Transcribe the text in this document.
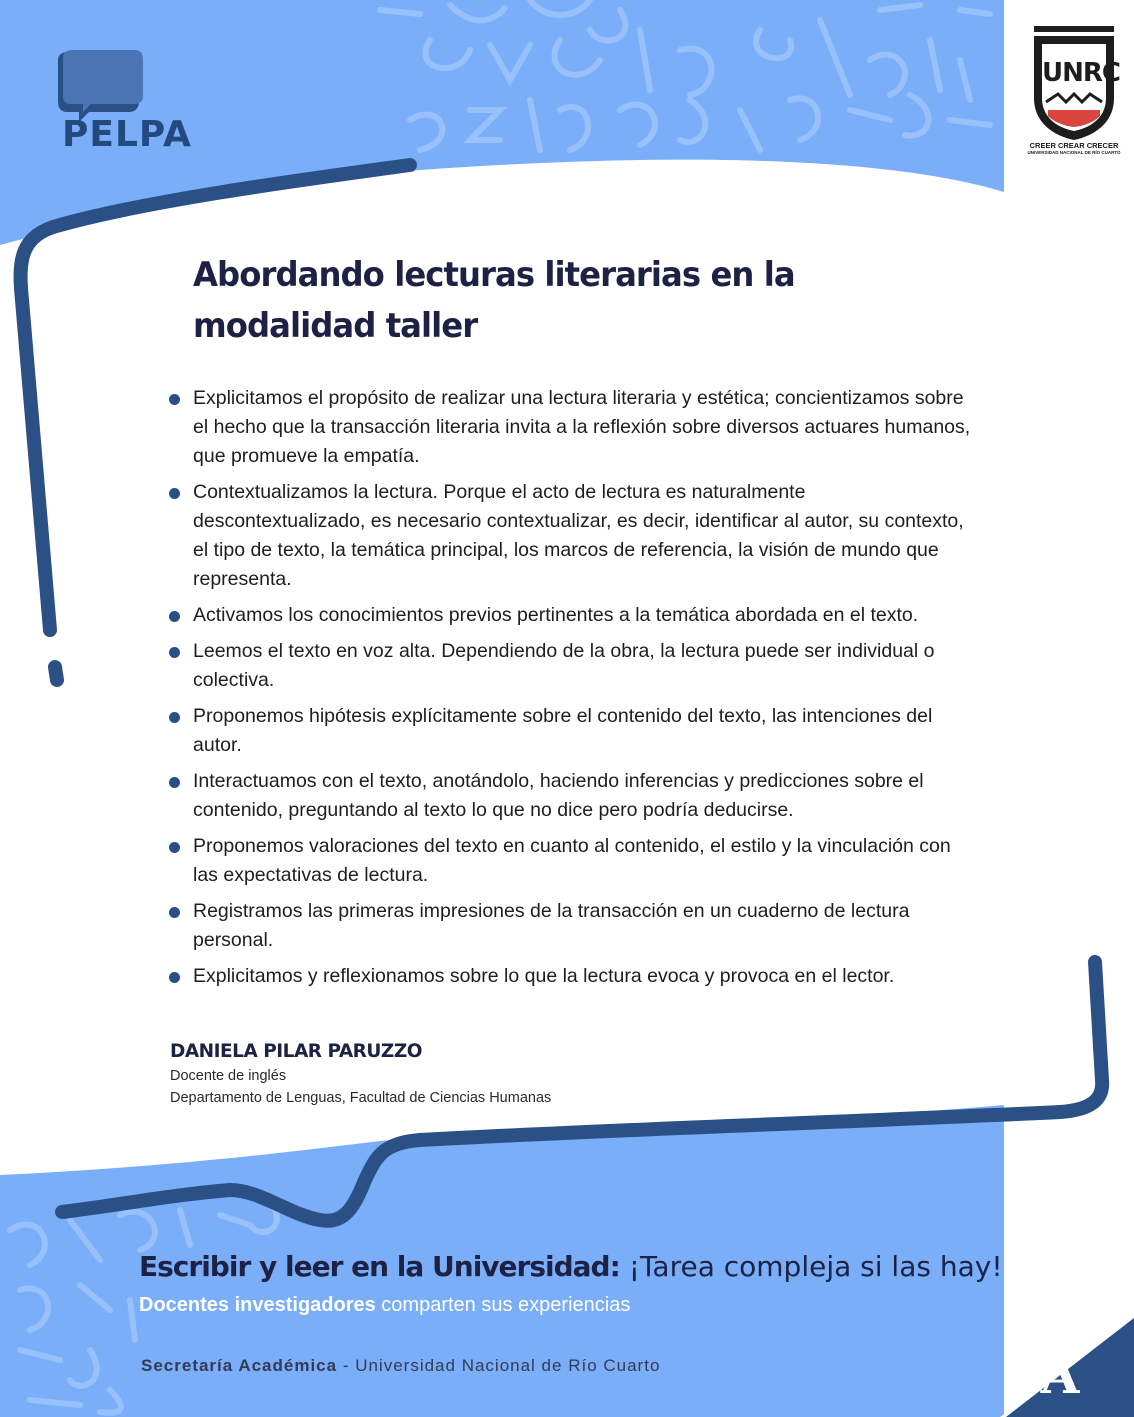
PELPA
UNRC
CREER CREAR CRECER
UNIVERSIDAD NACIONAL DE RÍO CUARTO
Abordando lecturas literarias en la
modalidad taller
Explicitamos el propósito de realizar una lectura literaria y estética; concientizamos sobre el hecho que la transacción literaria invita a la reflexión sobre diversos actuares humanos, que promueve la empatía.
Contextualizamos la lectura. Porque el acto de lectura es naturalmente descontextualizado, es necesario contextualizar, es decir, identificar al autor, su contexto, el tipo de texto, la temática principal, los marcos de referencia, la visión de mundo que representa.
Activamos los conocimientos previos pertinentes a la temática abordada en el texto.
Leemos el texto en voz alta. Dependiendo de la obra, la lectura puede ser individual o colectiva.
Proponemos hipótesis explícitamente sobre el contenido del texto, las intenciones del autor.
Interactuamos con el texto, anotándolo, haciendo inferencias y predicciones sobre el contenido, preguntando al texto lo que no dice pero podría deducirse.
Proponemos valoraciones del texto en cuanto al contenido, el estilo y la vinculación con las expectativas de lectura.
Registramos las primeras impresiones de la transacción en un cuaderno de lectura personal.
Explicitamos y reflexionamos sobre lo que la lectura evoca y provoca en el lector.
DANIELA PILAR PARUZZO
Docente de inglés
Departamento de Lenguas, Facultad de Ciencias Humanas
Escribir y leer en la Universidad: ¡Tarea compleja si las hay!
Docentes investigadores comparten sus experiencias
Secretaría Académica - Universidad Nacional de Río Cuarto	A
